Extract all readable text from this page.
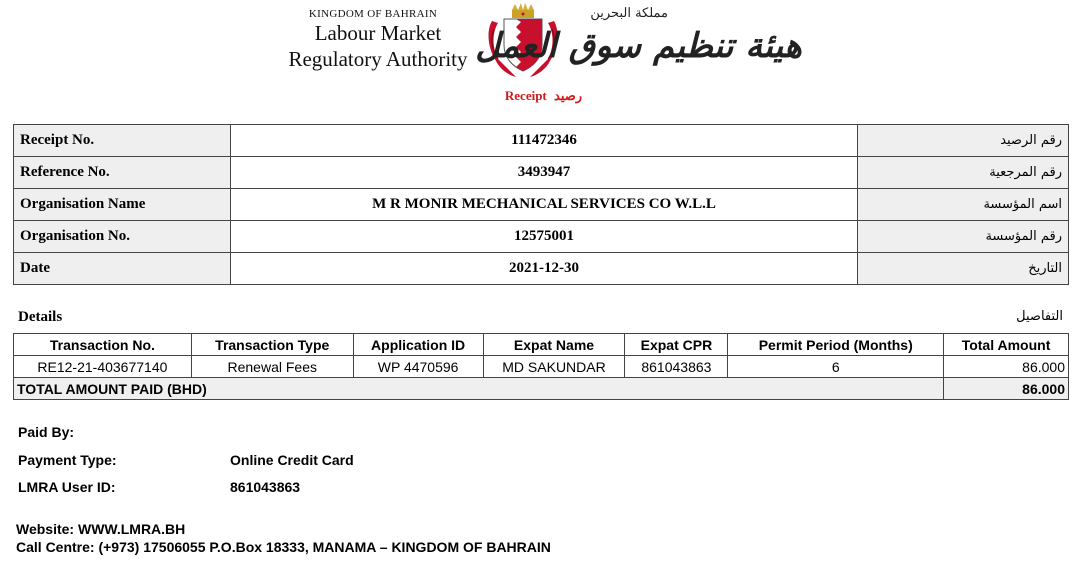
KINGDOM OF BAHRAIN
Labour Market
Regulatory Authority
مملكة البحرين
هيئة تنظيم سوق العمل
Receipt رصيد
Receipt No.	111472346	رقم الرصيد
Reference No.	3493947	رقم المرجعية
Organisation Name	M R MONIR MECHANICAL SERVICES CO W.L.L	اسم المؤسسة
Organisation No.	12575001	رقم المؤسسة
Date	2021-12-30	التاريخ
Details	التفاصيل
Transaction No.	Transaction Type	Application ID	Expat Name	Expat CPR	Permit Period (Months)	Total Amount
RE12-21-403677140	Renewal Fees	WP 4470596	MD SAKUNDAR	861043863	6	86.000
TOTAL AMOUNT PAID (BHD)						86.000
Paid By:
Payment Type:	Online Credit Card
LMRA User ID:	861043863
Website: WWW.LMRA.BH
Call Centre: (+973) 17506055 P.O.Box 18333, MANAMA – KINGDOM OF BAHRAIN
